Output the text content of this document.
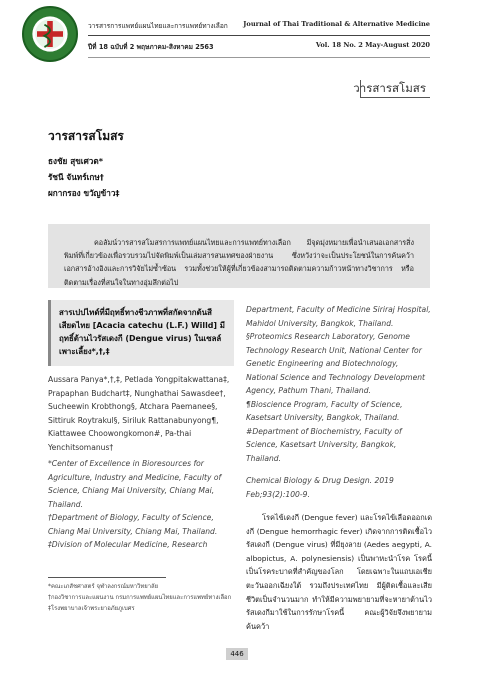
วารสารการแพทย์แผนไทยและการแพทย์ทางเลือก Journal of Thai Traditional & Alternative Medicine
ปีที่ 18 ฉบับที่ 2 พฤษภาคม-สิงหาคม 2563	Vol. 18 No. 2 May-August 2020
วารสารสโมสร
วารสารสโมสร
ธงชัย สุขเศวต*
รัชนี จันทร์เกษ†
ผกากรอง ขวัญข้าว‡
คอลัมน์วารสารสโมสรการแพทย์แผนไทยและการแพทย์ทางเลือก มีจุดมุ่งหมายเพื่อนำเสนอเอกสารสิ่งพิมพ์ที่เกี่ยวข้องเพื่อรวบรวมไปจัดพิมพ์เป็นเล่มสารสนเทศของฝ่ายงาน ซึ่งหวังว่าจะเป็นประโยชน์ในการค้นคว้าเอกสารอ้างอิงและการวิจัยไม่ซ้ำซ้อน รวมทั้งช่วยให้ผู้ที่เกี่ยวข้องสามารถติดตามความก้าวหน้าทางวิชาการ หรือติดตามเรื่องที่สนใจในทางอุ่มลึกต่อไป
สารเปปไทด์ที่มีฤทธิ์ทางชีวภาพที่สกัดจากต้นสีเสียดไทย [Acacia catechu (L.F.) Willd] มีฤทธิ์ต้านไวรัสเดงกี (Dengue virus) ในเซลล์เพาะเลี้ยง*,†,‡

Aussara Panya*,†,‡, Petlada Yongpitakwattana‡, Prapaphan Budchart‡, Nunghathai Sawasdee†, Sucheewin Krobthong§, Atchara Paemanee§, Sittiruk Roytrakul§, Siriluk Rattanabunyong¶, Kiattawee Choowongkomon#, Pa-thai Yenchitsomanus†

*Center of Excellence in Bioresources for Agriculture, Industry and Medicine, Faculty of Science, Chiang Mai University, Chiang Mai, Thailand.

†Department of Biology, Faculty of Science, Chiang Mai University, Chiang Mai, Thailand.

‡Division of Molecular Medicine, Research

*คณะเภสัชศาสตร์ จุฬาลงกรณ์มหาวิทยาลัย

†กองวิชาการและแผนงาน กรมการแพทย์แผนไทยและการแพทย์ทางเลือก

‡โรงพยาบาลเจ้าพระยาอภัยภูเบศร

Department, Faculty of Medicine Siriraj Hospital, Mahidol University, Bangkok, Thailand.

§Proteomics Research Laboratory, Genome Technology Research Unit, National Center for Genetic Engineering and Biotechnology, National Science and Technology Development Agency, Pathum Thani, Thailand.

¶Bioscience Program, Faculty of Science, Kasetsart University, Bangkok, Thailand.

#Department of Biochemistry, Faculty of Science, Kasetsart University, Bangkok, Thailand.

Chemical Biology & Drug Design. 2019 Feb;93(2):100-9.

โรคไข้เดงกี (Dengue fever) และโรคไข้เลือดออกเดงกี (Dengue hemorrhagic fever) เกิดจากการติดเชื้อไวรัสเดงกี (Dengue virus) ที่มียุงลาย (Aedes aegypti, A. albopictus, A. polynesiensis) เป็นพาหะนำโรค โรคนี้เป็นโรคระบาดที่สำคัญของโลก โดยเฉพาะในแถบเอเชียตะวันออกเฉียงใต้ รวมถึงประเทศไทย มีผู้ติดเชื้อและเสียชีวิตเป็นจำนวนมาก ทำให้มีความพยายามที่จะหายาต้านไวรัสเดงกีมาใช้ในการรักษาโรคนี้ คณะผู้วิจัยจึงพยายามค้นคว้า

446
